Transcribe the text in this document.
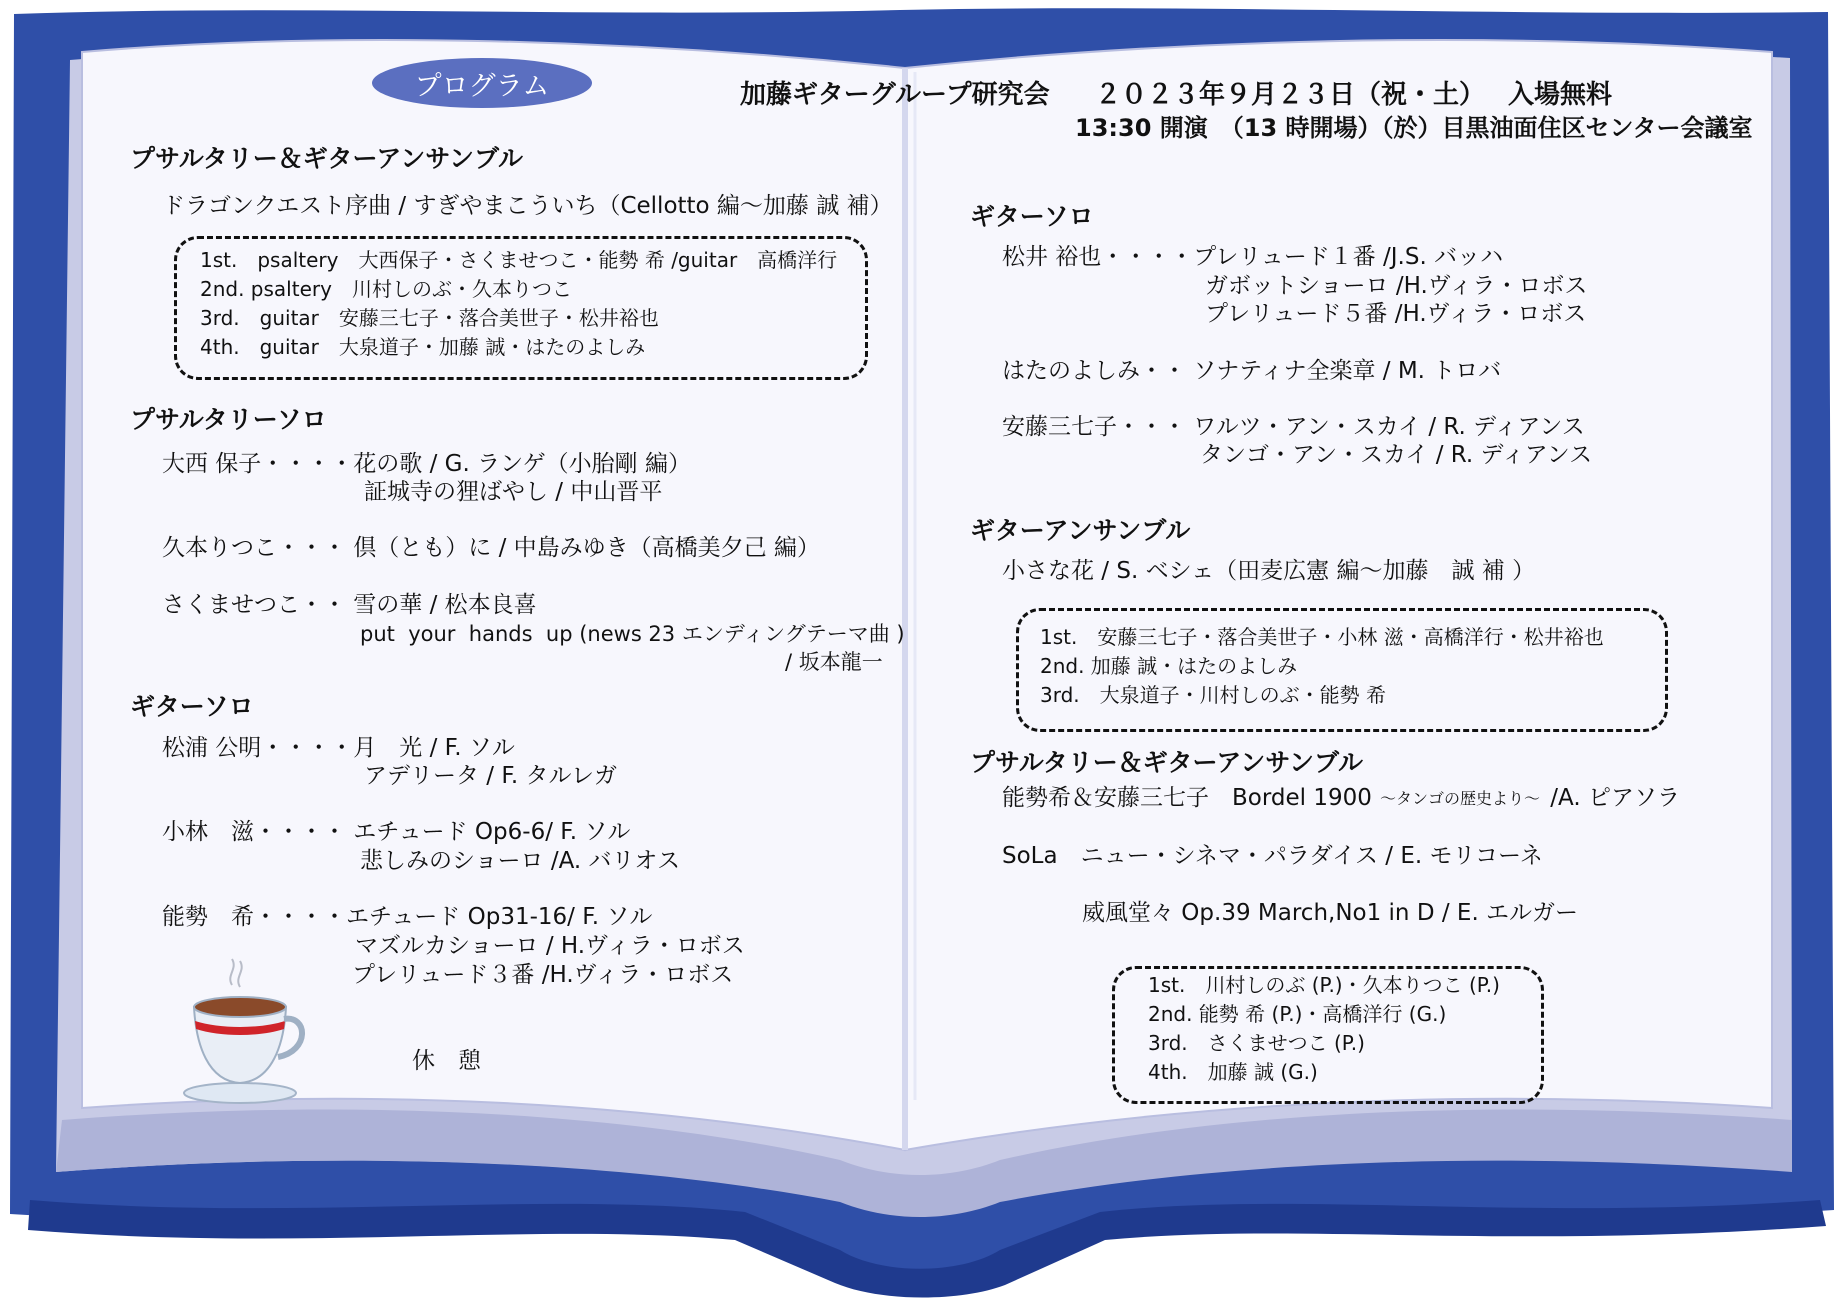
プログラム	加藤ギターグループ研究会 ２０２３年９月２３日（祝・土） 入場無料
13:30 開演　（13 時開場）（於）目黒油面住区センター会議室
プサルタリー＆ギターアンサンブル
ドラゴンクエスト序曲 / すぎやまこういち（Cellotto 編〜加藤 誠 補）
1st.　psaltery　大西保子・さくませつこ・能勢 希 /guitar　高橋洋行
2nd. psaltery　川村しのぶ・久本りつこ
3rd.　guitar　安藤三七子・落合美世子・松井裕也
4th.　guitar　大泉道子・加藤 誠・はたのよしみ
プサルタリーソロ
大西 保子・・・・花の歌 / G. ランゲ（小胎剛 編）
証城寺の狸ばやし / 中山晋平
久本りつこ・・・ 倶（とも）に / 中島みゆき（高橋美夕己 編）
さくませつこ・・ 雪の華 / 松本良喜
put  your  hands  up (news 23 エンディングテーマ曲 )
/ 坂本龍一
ギターソロ
松浦 公明・・・・月　光 / F. ソル
アデリータ / F. タルレガ
小林　滋・・・・ エチュード Op6-6/ F. ソル
悲しみのショーロ /A. バリオス
能勢　希・・・・エチュード Op31-16/ F. ソル
マズルカショーロ / H.ヴィラ・ロボス
プレリュード３番 /H.ヴィラ・ロボス
休　憩
ギターソロ
松井 裕也・・・・プレリュード１番 /J.S. バッハ
ガボットショーロ /H.ヴィラ・ロボス
プレリュード５番 /H.ヴィラ・ロボス
はたのよしみ・・ ソナティナ全楽章 / M. トロバ
安藤三七子・・・ ワルツ・アン・スカイ / R. ディアンス
タンゴ・アン・スカイ / R. ディアンス
ギターアンサンブル
小さな花 / S. ベシェ（田麦広憲 編〜加藤　誠 補 ）
1st.　安藤三七子・落合美世子・小林 滋・高橋洋行・松井裕也
2nd. 加藤 誠・はたのよしみ
3rd.　大泉道子・川村しのぶ・能勢 希
プサルタリー＆ギターアンサンブル
能勢希＆安藤三七子　Bordel 1900 〜タンゴの歴史より〜 /A. ピアソラ
SoLa　ニュー・シネマ・パラダイス / E. モリコーネ
威風堂々 Op.39 March,No1 in D / E. エルガー
1st.　川村しのぶ (P.)・久本りつこ (P.)
2nd. 能勢 希 (P.)・高橋洋行 (G.)
3rd.　さくませつこ (P.)
4th.　加藤 誠 (G.)
